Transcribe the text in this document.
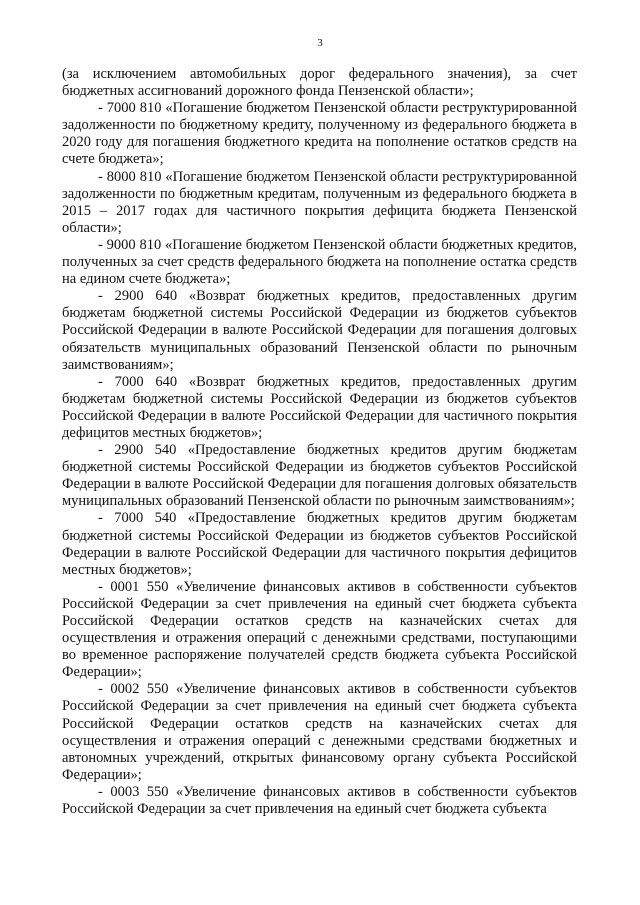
3

(за исключением автомобильных дорог федерального значения), за счет бюджетных ассигнований дорожного фонда Пензенской области»;

- 7000 810 «Погашение бюджетом Пензенской области реструктурированной задолженности по бюджетному кредиту, полученному из федерального бюджета в 2020 году для погашения бюджетного кредита на пополнение остатков средств на счете бюджета»;

- 8000 810 «Погашение бюджетом Пензенской области реструктурированной задолженности по бюджетным кредитам, полученным из федерального бюджета в 2015 – 2017 годах для частичного покрытия дефицита бюджета Пензенской области»;

- 9000 810 «Погашение бюджетом Пензенской области бюджетных кредитов, полученных за счет средств федерального бюджета на пополнение остатка средств на едином счете бюджета»;

- 2900 640 «Возврат бюджетных кредитов, предоставленных другим бюджетам бюджетной системы Российской Федерации из бюджетов субъектов Российской Федерации в валюте Российской Федерации для погашения долговых обязательств муниципальных образований Пензенской области по рыночным заимствованиям»;

- 7000 640 «Возврат бюджетных кредитов, предоставленных другим бюджетам бюджетной системы Российской Федерации из бюджетов субъектов Российской Федерации в валюте Российской Федерации для частичного покрытия дефицитов местных бюджетов»;

- 2900 540 «Предоставление бюджетных кредитов другим бюджетам бюджетной системы Российской Федерации из бюджетов субъектов Российской Федерации в валюте Российской Федерации для погашения долговых обязательств муниципальных образований Пензенской области по рыночным заимствованиям»;

- 7000 540 «Предоставление бюджетных кредитов другим бюджетам бюджетной системы Российской Федерации из бюджетов субъектов Российской Федерации в валюте Российской Федерации для частичного покрытия дефицитов местных бюджетов»;

- 0001 550 «Увеличение финансовых активов в собственности субъектов Российской Федерации за счет привлечения на единый счет бюджета субъекта Российской Федерации остатков средств на казначейских счетах для осуществления и отражения операций с денежными средствами, поступающими во временное распоряжение получателей средств бюджета субъекта Российской Федерации»;

- 0002 550 «Увеличение финансовых активов в собственности субъектов Российской Федерации за счет привлечения на единый счет бюджета субъекта Российской Федерации остатков средств на казначейских счетах для осуществления и отражения операций с денежными средствами бюджетных и автономных учреждений, открытых финансовому органу субъекта Российской Федерации»;

- 0003 550 «Увеличение финансовых активов в собственности субъектов Российской Федерации за счет привлечения на единый счет бюджета субъекта
